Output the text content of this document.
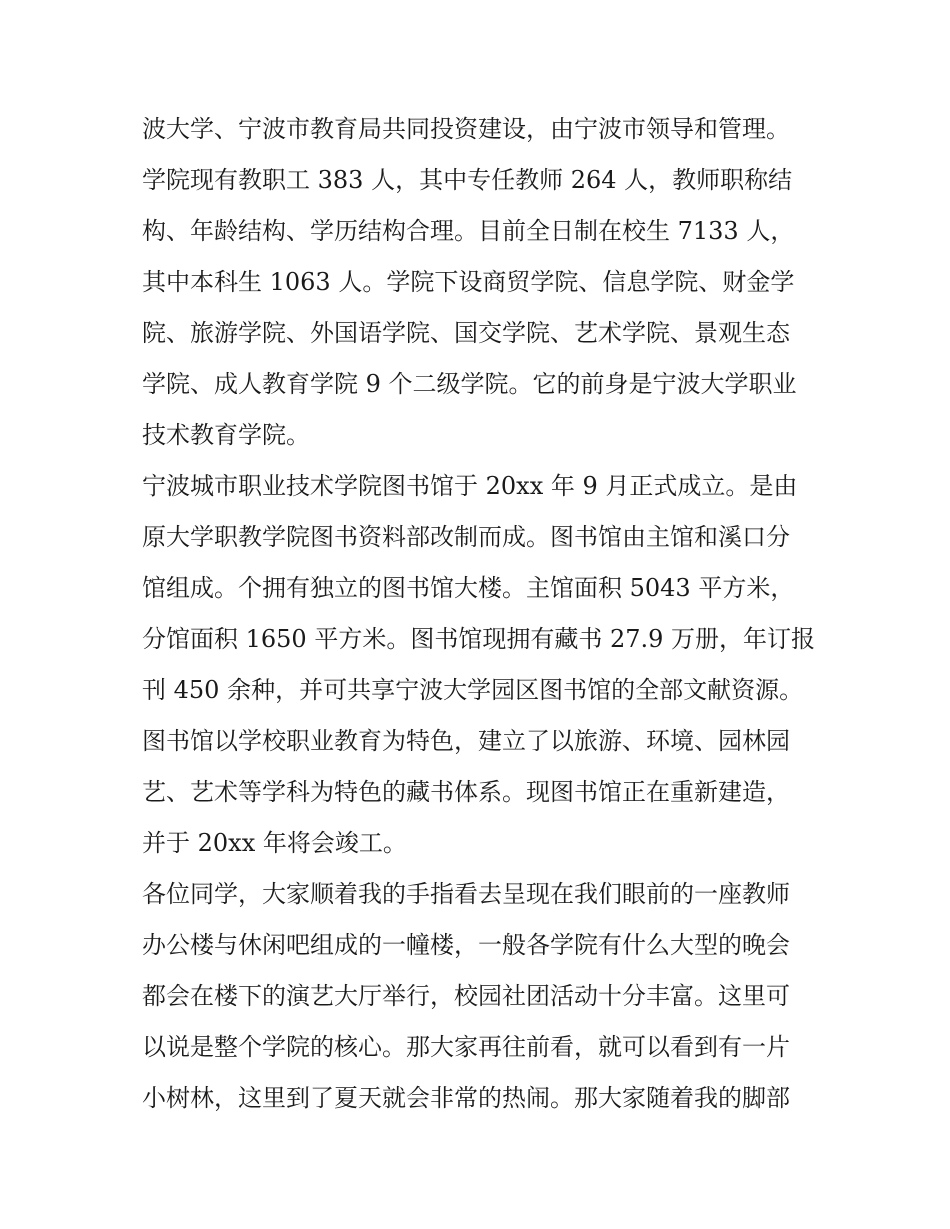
波大学、宁波市教育局共同投资建设，由宁波市领导和管理。
学院现有教职工 383 人，其中专任教师 264 人，教师职称结
构、年龄结构、学历结构合理。目前全日制在校生 7133 人，
其中本科生 1063 人。学院下设商贸学院、信息学院、财金学
院、旅游学院、外国语学院、国交学院、艺术学院、景观生态
学院、成人教育学院 9 个二级学院。它的前身是宁波大学职业
技术教育学院。
宁波城市职业技术学院图书馆于 20xx 年 9 月正式成立。是由
原大学职教学院图书资料部改制而成。图书馆由主馆和溪口分
馆组成。个拥有独立的图书馆大楼。主馆面积 5043 平方米，
分馆面积 1650 平方米。图书馆现拥有藏书 27.9 万册，年订报
刊 450 余种，并可共享宁波大学园区图书馆的全部文献资源。
图书馆以学校职业教育为特色，建立了以旅游、环境、园林园
艺、艺术等学科为特色的藏书体系。现图书馆正在重新建造，
并于 20xx 年将会竣工。
各位同学，大家顺着我的手指看去呈现在我们眼前的一座教师
办公楼与休闲吧组成的一幢楼，一般各学院有什么大型的晚会
都会在楼下的演艺大厅举行，校园社团活动十分丰富。这里可
以说是整个学院的核心。那大家再往前看，就可以看到有一片
小树林，这里到了夏天就会非常的热闹。那大家随着我的脚部
